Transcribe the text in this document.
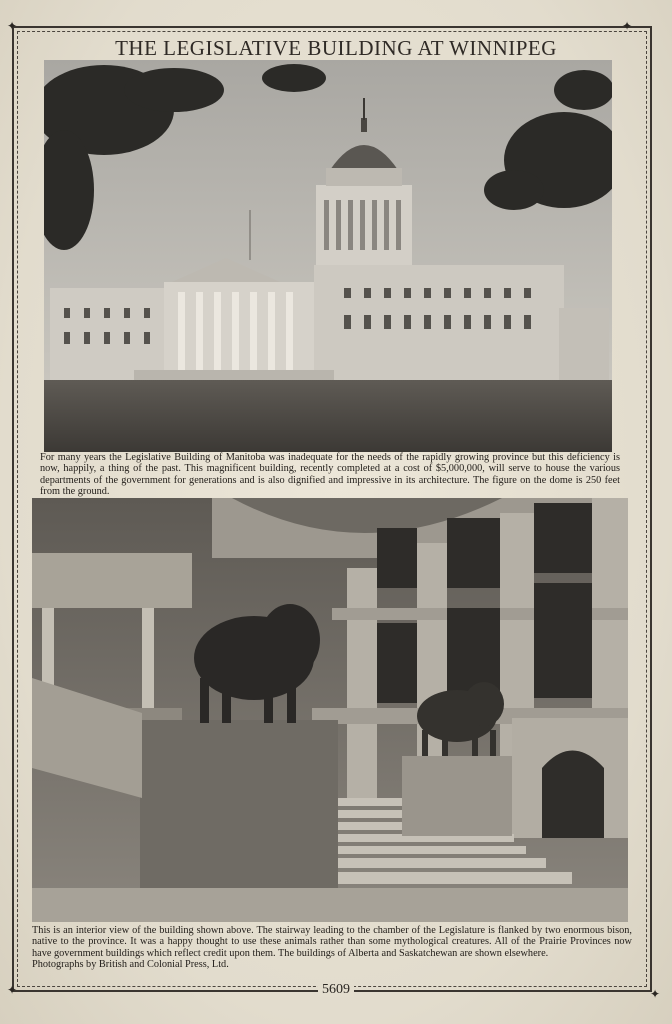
✦	✦
✦	✦
THE LEGISLATIVE BUILDING AT WINNIPEG
For many years the Legislative Building of Manitoba was inadequate for the needs of the rapidly growing province but this deficiency is now, happily, a thing of the past. This magnificent building, recently completed at a cost of $5,000,000, will serve to house the various departments of the government for generations and is also dignified and impressive in its architecture. The figure on the dome is 250 feet from the ground.
This is an interior view of the building shown above. The stairway leading to the chamber of the Legislature is flanked by two enormous bison, native to the province. It was a happy thought to use these animals rather than some mythological creatures. All of the Prairie Provinces now have government buildings which reflect credit upon them. The buildings of Alberta and Saskatchewan are shown elsewhere.
Photographs by British and Colonial Press, Ltd.
5609
